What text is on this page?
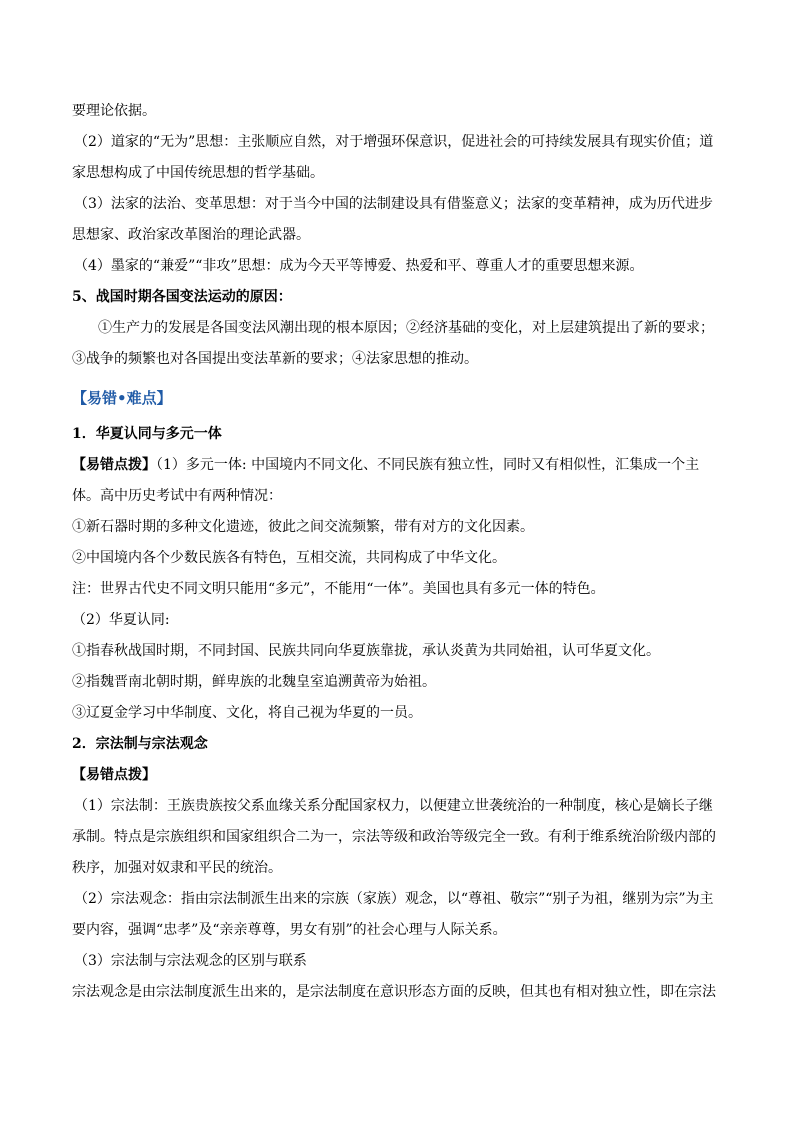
要理论依据。

（2）道家的“无为”思想：主张顺应自然，对于增强环保意识，促进社会的可持续发展具有现实价值；道家思想构成了中国传统思想的哲学基础。

（3）法家的法治、变革思想：对于当今中国的法制建设具有借鉴意义；法家的变革精神，成为历代进步思想家、政治家改革图治的理论武器。

（4）墨家的“兼爱”“非攻”思想：成为今天平等博爱、热爱和平、尊重人才的重要思想来源。

5、战国时期各国变法运动的原因：

①生产力的发展是各国变法风潮出现的根本原因；②经济基础的变化，对上层建筑提出了新的要求；③战争的频繁也对各国提出变法革新的要求；④法家思想的推动。

【易错•难点】

1．华夏认同与多元一体

【易错点拨】（1）多元一体: 中国境内不同文化、不同民族有独立性，同时又有相似性，汇集成一个主体。高中历史考试中有两种情况：

①新石器时期的多种文化遗迹，彼此之间交流频繁，带有对方的文化因素。

②中国境内各个少数民族各有特色，互相交流，共同构成了中华文化。

注：世界古代史不同文明只能用“多元”，不能用“一体”。美国也具有多元一体的特色。

（2）华夏认同:

①指春秋战国时期，不同封国、民族共同向华夏族靠拢，承认炎黄为共同始祖，认可华夏文化。

②指魏晋南北朝时期，鲜卑族的北魏皇室追溯黄帝为始祖。

③辽夏金学习中华制度、文化，将自己视为华夏的一员。

2．宗法制与宗法观念

【易错点拨】

（1）宗法制：王族贵族按父系血缘关系分配国家权力，以便建立世袭统治的一种制度，核心是嫡长子继承制。特点是宗族组织和国家组织合二为一，宗法等级和政治等级完全一致。有利于维系统治阶级内部的秩序，加强对奴隶和平民的统治。

（2）宗法观念：指由宗法制派生出来的宗族（家族）观念，以“尊祖、敬宗”“别子为祖，继别为宗”为主要内容，强调“忠孝”及“亲亲尊尊，男女有别”的社会心理与人际关系。

（3）宗法制与宗法观念的区别与联系

宗法观念是由宗法制度派生出来的，是宗法制度在意识形态方面的反映，但其也有相对独立性，即在宗法
